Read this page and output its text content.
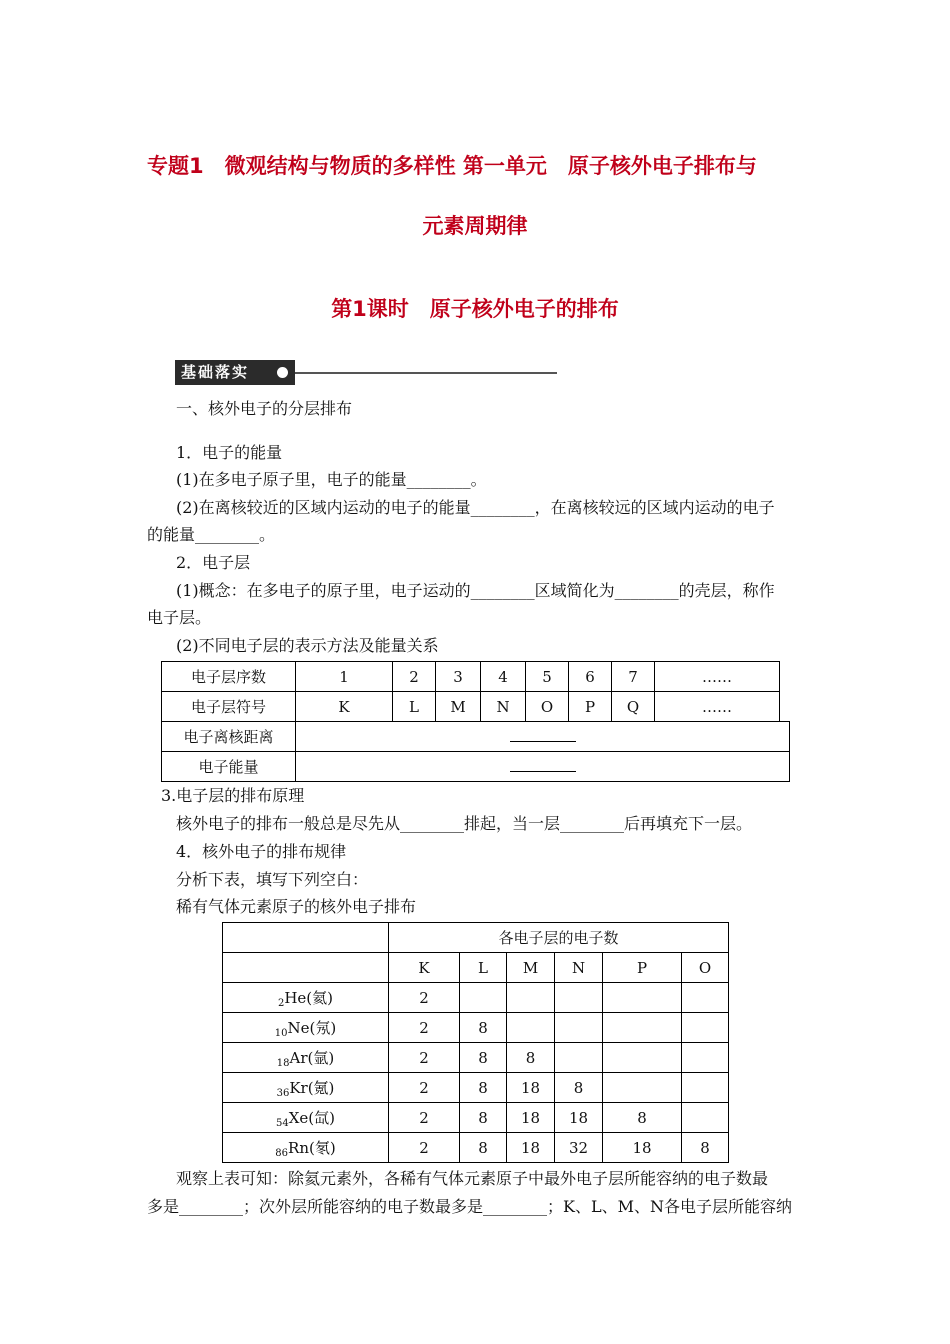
专题1　微观结构与物质的多样性 第一单元　原子核外电子排布与
元素周期律
第1课时　原子核外电子的排布
基础落实
一、核外电子的分层排布
1．电子的能量
(1)在多电子原子里，电子的能量________。
(2)在离核较近的区域内运动的电子的能量________，在离核较远的区域内运动的电子
的能量________。
2．电子层
(1)概念：在多电子的原子里，电子运动的________区域简化为________的壳层，称作
电子层。
(2)不同电子层的表示方法及能量关系
电子层序数	1	2	3	4	5	6	7	……
电子层符号	K	L	M	N	O	P	Q	……
电子离核距离	
电子能量	
3.电子层的排布原理
核外电子的排布一般总是尽先从________排起，当一层________后再填充下一层。
4．核外电子的排布规律
分析下表，填写下列空白：
稀有气体元素原子的核外电子排布
	各电子层的电子数					
	K	L	M	N	P	O
$_2$He(氦)	2					
$_{10}$Ne(氖)	2	8				
$_{18}$Ar(氩)	2	8	8			
$_{36}$Kr(氪)	2	8	18	8		
$_{54}$Xe(氙)	2	8	18	18	8	
$_{86}$Rn(氡)	2	8	18	32	18	8
观察上表可知：除氦元素外，各稀有气体元素原子中最外电子层所能容纳的电子数最
多是________；次外层所能容纳的电子数最多是________；K、L、M、N各电子层所能容纳
